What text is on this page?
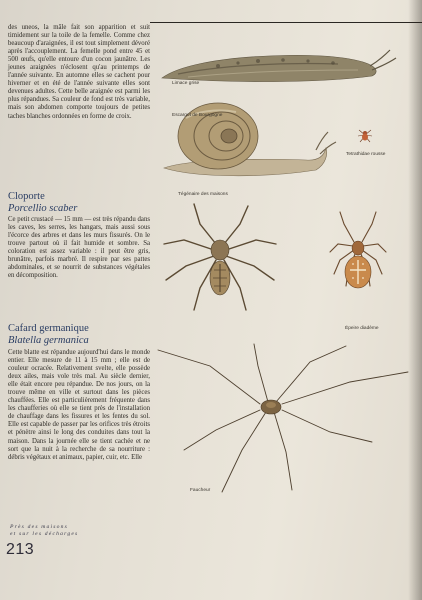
des uneos, la mâle fait son apparition et suit timidement sur la toile de la femelle. Comme chez beaucoup d'araignées, il est tout simplement dévoré après l'accouplement. La femelle pond entre 45 et 500 œufs, qu'elle entoure d'un cocon jaunâtre. Les jeunes araignées n'éclosent qu'au printemps de l'année suivante. En automne elles se cachent pour hiverner et en été de l'année suivante elles sont devenues adultes. Cette belle araignée est parmi les plus répandues. Sa couleur de fond est très variable, mais son abdomen comporte toujours de petites taches blanches ordonnées en forme de croix.

Cloporte
Porcellio scaber

Ce petit crustacé — 15 mm — est très répandu dans les caves, les serres, les hangars, mais aussi sous l'écorce des arbres et dans les murs fissurés. On le trouve partout où il fait humide et sombre. Sa coloration est assez variable : il peut être gris, brunâtre, parfois marbré. Il respire par ses pattes abdominales, et se nourrit de substances végétales en décomposition.

Cafard germanique
Blatella germanica

Cette blatte est répandue aujourd'hui dans le monde entier. Elle mesure de 11 à 15 mm ; elle est de couleur ocracée. Relativement svelte, elle possède deux ailes, mais vole très mal. Au siècle dernier, elle était encore peu répandue. De nos jours, on la trouve même en ville et surtout dans les pièces chauffées. Elle est particulièrement fréquente dans les chaufferies où elle se tient près de l'installation de chauffage dans les fissures et les fentes du sol. Elle est capable de passer par les orifices très étroits et pénètre ainsi le long des conduites dans tout la maison. Dans la journée elle se tient cachée et ne sort que la nuit à la recherche de sa nourriture : débris végétaux et animaux, papier, cuir, etc. Elle

Près des maisons
et sur les décharges
213
Limace grise
Escargot de Bourgogne
Tetrathidae rousse
Tégénaire des maisons
Épeire diadème
Faucheur
